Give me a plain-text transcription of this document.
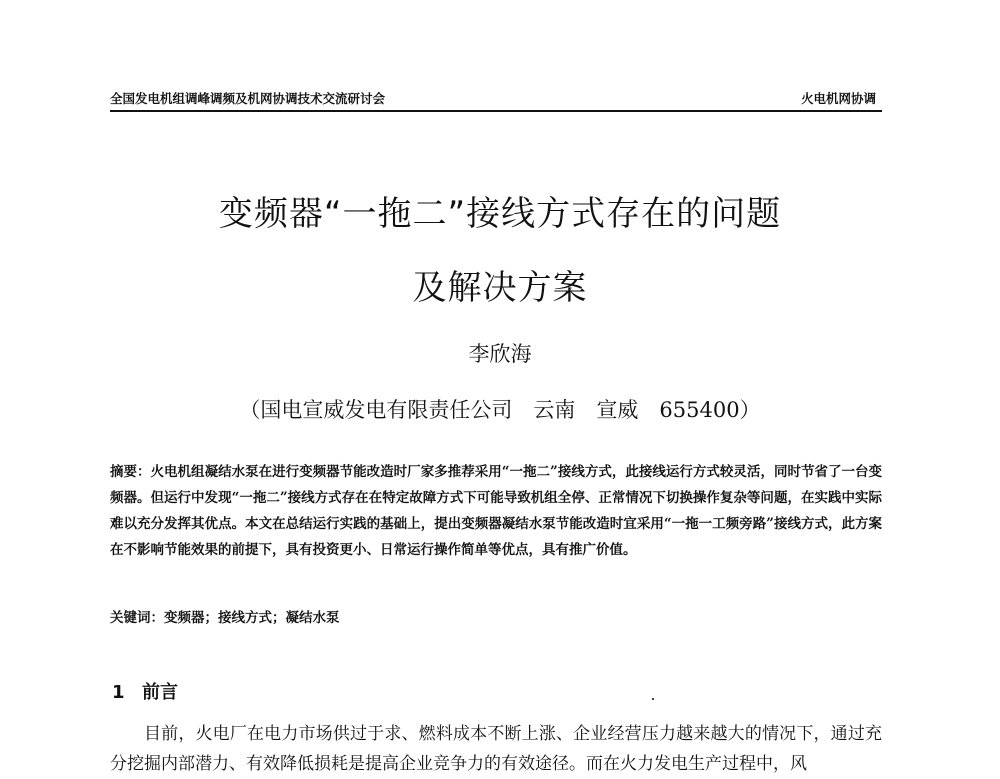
全国发电机组调峰调频及机网协调技术交流研讨会	火电机网协调
变频器“一拖二”接线方式存在的问题
及解决方案
李欣海
（国电宣威发电有限责任公司　云南　宣威　655400）
摘要：火电机组凝结水泵在进行变频器节能改造时厂家多推荐采用“一拖二”接线方式，此接线运行方式较灵活，同时节省了一台变频器。但运行中发现“一拖二”接线方式存在在特定故障方式下可能导致机组全停、正常情况下切换操作复杂等问题，在实践中实际难以充分发挥其优点。本文在总结运行实践的基础上，提出变频器凝结水泵节能改造时宜采用“一拖一工频旁路”接线方式，此方案在不影响节能效果的前提下，具有投资更小、日常运行操作简单等优点，具有推广价值。
关键词：变频器；接线方式；凝结水泵
1 前言
目前，火电厂在电力市场供过于求、燃料成本不断上涨、企业经营压力越来越大的情况下，通过充分挖掘内部潜力、有效降低损耗是提高企业竞争力的有效途径。而在火力发电生产过程中，风
